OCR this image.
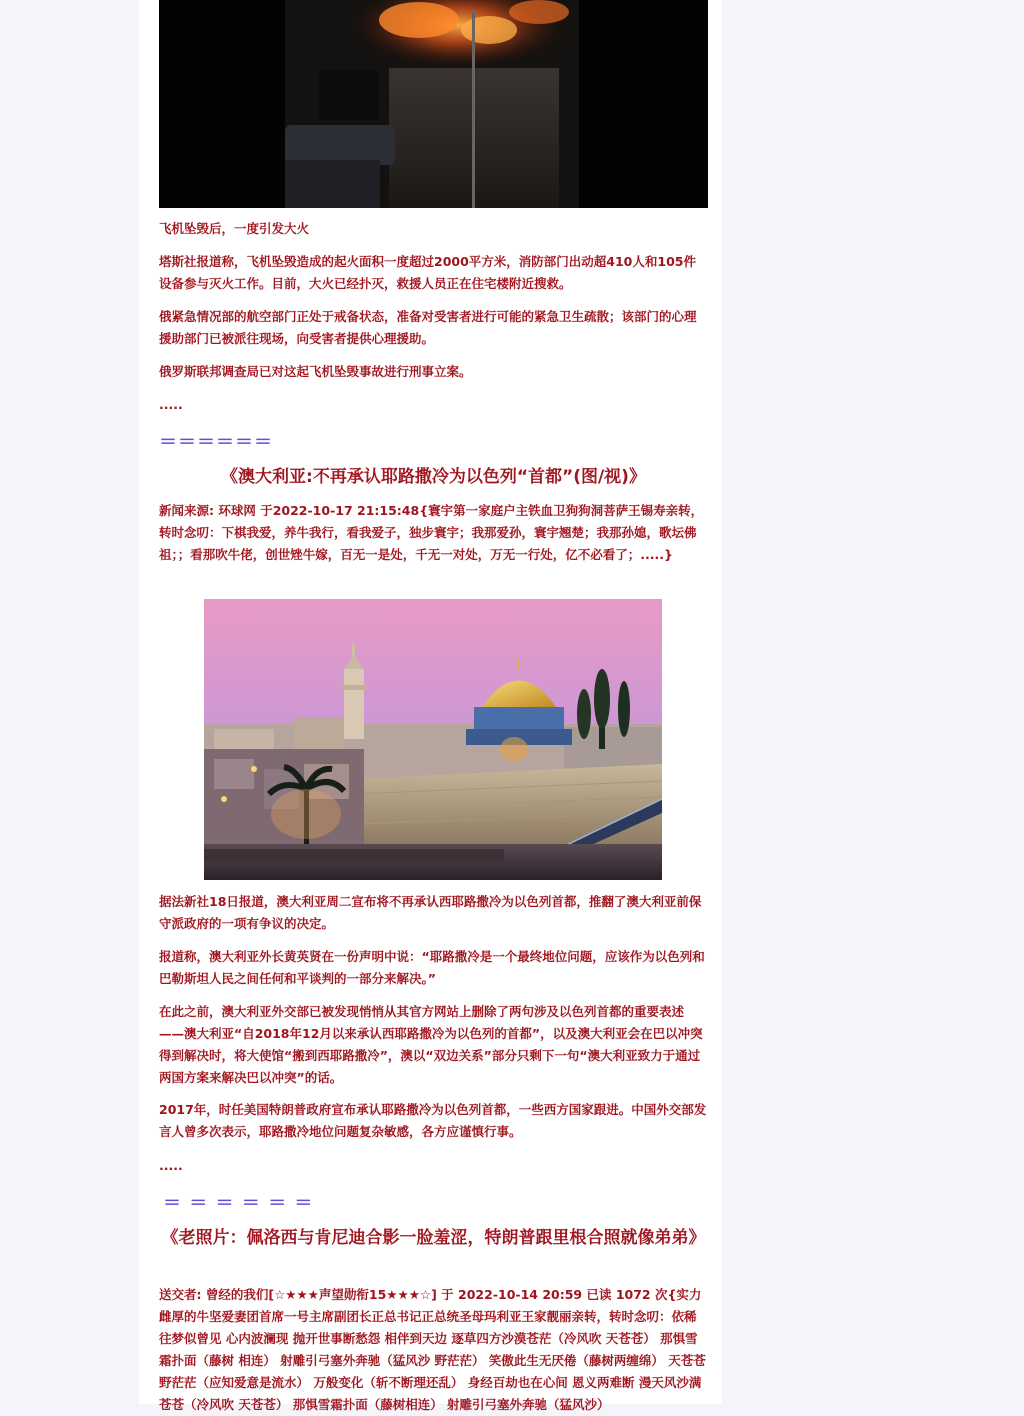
飞机坠毁后，一度引发大火

塔斯社报道称，飞机坠毁造成的起火面积一度超过2000平方米，消防部门出动超410人和105件设备参与灭火工作。目前，大火已经扑灭，救援人员正在住宅楼附近搜救。

俄紧急情况部的航空部门正处于戒备状态，准备对受害者进行可能的紧急卫生疏散；该部门的心理援助部门已被派往现场，向受害者提供心理援助。

俄罗斯联邦调查局已对这起飞机坠毁事故进行刑事立案。

.....

＝＝＝＝＝＝
《澳大利亚:不再承认耶路撒冷为以色列“首都”(图/视)》

新闻来源: 环球网 于2022-10-17 21:15:48{寰宇第一家庭户主铁血卫狗狗洞菩萨王锡寿亲转，转时念叨：下棋我爱，养牛我行，看我爱子，独步寰宇；我那爱孙，寰宇翘楚；我那孙媳，歌坛佛祖；；看那吹牛佬，创世矬牛嫁，百无一是处，千无一对处，万无一行处，亿不必看了；.....}

据法新社18日报道，澳大利亚周二宣布将不再承认西耶路撒冷为以色列首都，推翻了澳大利亚前保守派政府的一项有争议的决定。

报道称，澳大利亚外长黄英贤在一份声明中说：“耶路撒冷是一个最终地位问题，应该作为以色列和巴勒斯坦人民之间任何和平谈判的一部分来解决。”

在此之前，澳大利亚外交部已被发现悄悄从其官方网站上删除了两句涉及以色列首都的重要表述——澳大利亚“自2018年12月以来承认西耶路撒冷为以色列的首都”，以及澳大利亚会在巴以冲突得到解决时，将大使馆“搬到西耶路撒冷”，澳以“双边关系”部分只剩下一句“澳大利亚致力于通过两国方案来解决巴以冲突”的话。

2017年，时任美国特朗普政府宣布承认耶路撒冷为以色列首都，一些西方国家跟进。中国外交部发言人曾多次表示，耶路撒冷地位问题复杂敏感，各方应谨慎行事。

.....

＝ ＝ ＝ ＝ ＝ ＝
《老照片：佩洛西与肯尼迪合影一脸羞涩，特朗普跟里根合照就像弟弟》

送交者: 曾经的我们[☆★★★声望勋衔15★★★☆] 于 2022-10-14 20:59 已读 1072 次{实力雌厚的牛坚爱妻团首席一号主席副团长正总书记正总统圣母玛利亚王家靓丽亲转，转时念叨：依稀往梦似曾见 心内波澜现 抛开世事断愁怨 相伴到天边 逐草四方沙漠苍茫（冷风吹 天苍苍） 那惧雪霜扑面（藤树 相连） 射雕引弓塞外奔驰（猛风沙 野茫茫） 笑傲此生无厌倦（藤树两缠绵） 天苍苍 野茫茫（应知爱意是流水） 万般变化（斩不断理还乱） 身经百劫也在心间 恩义两难断 漫天风沙满苍苍（冷风吹 天苍苍） 那惧雪霜扑面（藤树相连） 射雕引弓塞外奔驰（猛风沙）
